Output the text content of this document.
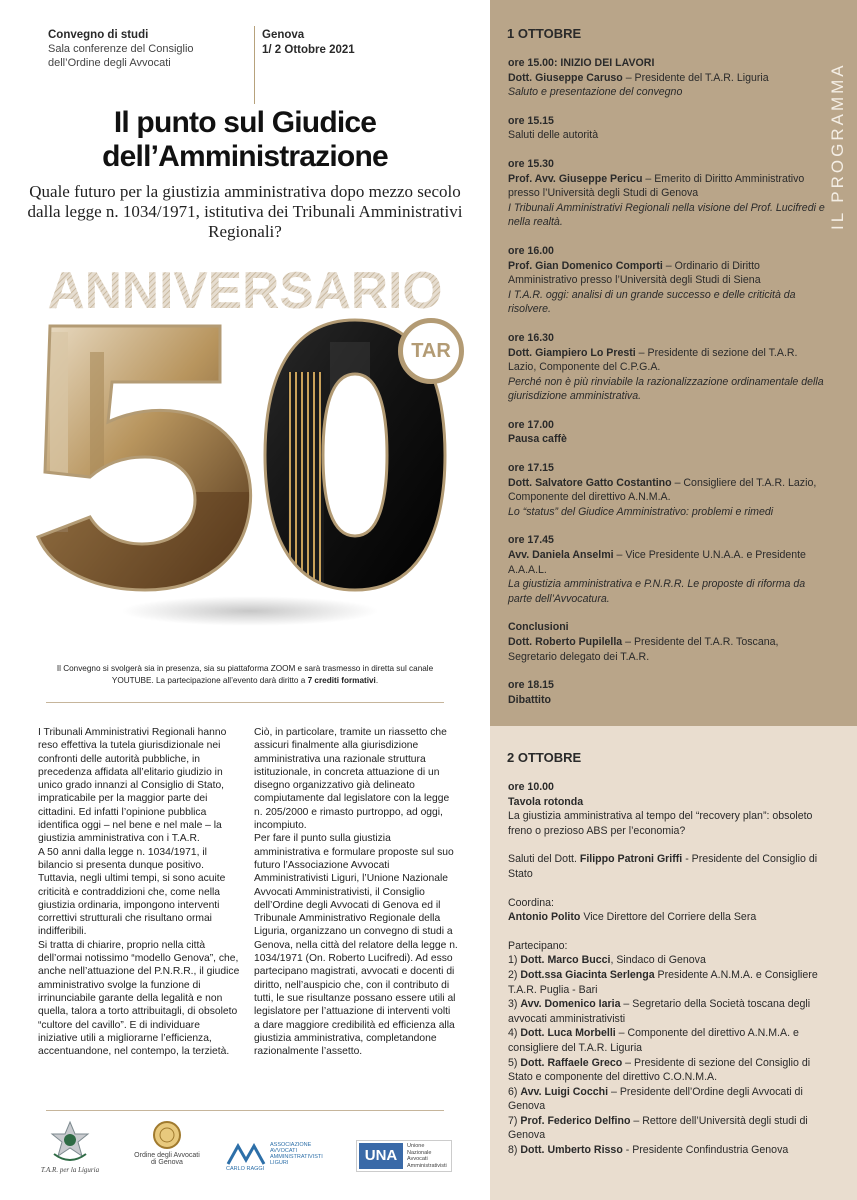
Convegno di studi
Sala conferenze del Consiglio
dell’Ordine degli Avvocati
Genova
1/ 2 Ottobre 2021
Il punto sul Giudice
dell’Amministrazione
Quale futuro per la giustizia amministrativa dopo mezzo secolo dalla legge n. 1034/1971, istitutiva dei Tribunali Amministrativi Regionali?
ANNIVERSARIO
50
TAR
Il Convegno si svolgerà sia in presenza, sia su piattaforma ZOOM e sarà trasmesso in diretta sul canale YOUTUBE. La partecipazione all’evento darà diritto a 7 crediti formativi.

I Tribunali Amministrativi Regionali hanno reso effettiva la tutela giurisdizionale nei confronti delle autorità pubbliche, in precedenza affidata all’elitario giudizio in unico grado innanzi al Consiglio di Stato, impraticabile per la maggior parte dei cittadini. Ed infatti l’opinione pubblica identifica oggi – nel bene e nel male – la giustizia amministrativa con i T.A.R.

A 50 anni dalla legge n. 1034/1971, il bilancio si presenta dunque positivo. Tuttavia, negli ultimi tempi, si sono acuite criticità e contraddizioni che, come nella giustizia ordinaria, impongono interventi correttivi strutturali che risultano ormai indifferibili.

Si tratta di chiarire, proprio nella città dell’ormai notissimo “modello Genova”, che, anche nell’attuazione del P.N.R.R., il giudice amministrativo svolge la funzione di irrinunciabile garante della legalità e non quella, talora a torto attribuitagli, di obsoleto “cultore del cavillo”. E di individuare iniziative utili a migliorarne l’efficienza, accentuandone, nel contempo, la terzietà.

Ciò, in particolare, tramite un riassetto che assicuri finalmente alla giurisdizione amministrativa una razionale struttura istituzionale, in concreta attuazione di un disegno organizzativo già delineato compiutamente dal legislatore con la legge n. 205/2000 e rimasto purtroppo, ad oggi, incompiuto.

Per fare il punto sulla giustizia amministrativa e formulare proposte sul suo futuro l’Associazione Avvocati Amministrativisti Liguri, l’Unione Nazionale Avvocati Amministrativisti, il Consiglio dell’Ordine degli Avvocati di Genova ed il Tribunale Amministrativo Regionale della Liguria, organizzano un convegno di studi a Genova, nella città del relatore della legge n. 1034/1971 (On. Roberto Lucifredi). Ad esso partecipano magistrati, avvocati e docenti di diritto, nell’auspicio che, con il contributo di tutti, le sue risultanze possano essere utili al legislatore per l’attuazione di interventi volti a dare maggiore credibilità ed efficienza alla giustizia amministrativa, completandone razionalmente l’assetto.

T.A.R. per la Liguria
Ordine degli Avvocati
di Genova
ASSOCIAZIONE
AVVOCATI
AMMINISTRATIVISTI
LIGURI
CARLO RAGGI
UNA
Unione
Nazionale
Avvocati
Amministrativisti
IL PROGRAMMA
1 OTTOBRE
ore 15.00: INIZIO DEI LAVORI
Dott. Giuseppe Caruso – Presidente del T.A.R. Liguria
Saluto e presentazione del convegno
ore 15.15
Saluti delle autorità
ore 15.30
Prof. Avv. Giuseppe Pericu – Emerito di Diritto Amministrativo presso l’Università degli Studi di Genova
I Tribunali Amministrativi Regionali nella visione del Prof. Lucifredi e nella realtà.
ore 16.00
Prof. Gian Domenico Comporti – Ordinario di Diritto Amministrativo presso l’Università degli Studi di Siena
I T.A.R. oggi: analisi di un grande successo e delle criticità da risolvere.
ore 16.30
Dott. Giampiero Lo Presti – Presidente di sezione del T.A.R. Lazio, Componente del C.P.G.A.
Perché non è più rinviabile la razionalizzazione ordinamentale della giurisdizione amministrativa.
ore 17.00
Pausa caffè
ore 17.15
Dott. Salvatore Gatto Costantino – Consigliere del T.A.R. Lazio, Componente del direttivo A.N.M.A.
Lo “status” del Giudice Amministrativo: problemi e rimedi
ore 17.45
Avv. Daniela Anselmi – Vice Presidente U.N.A.A. e Presidente A.A.A.L.
La giustizia amministrativa e P.N.R.R. Le proposte di riforma da parte dell’Avvocatura.
Conclusioni
Dott. Roberto Pupilella – Presidente del T.A.R. Toscana, Segretario delegato dei T.A.R.
ore 18.15
Dibattito
2 OTTOBRE
ore 10.00
Tavola rotonda
La giustizia amministrativa al tempo del “recovery plan”: obsoleto freno o prezioso ABS per l’economia?
Saluti del Dott. Filippo Patroni Griffi - Presidente del Consiglio di Stato
Coordina:
Antonio Polito Vice Direttore del Corriere della Sera
Partecipano:
1) Dott. Marco Bucci, Sindaco di Genova
2) Dott.ssa Giacinta Serlenga Presidente A.N.M.A. e Consigliere T.A.R. Puglia - Bari
3) Avv. Domenico Iaria – Segretario della Società toscana degli avvocati amministrativisti
4) Dott. Luca Morbelli – Componente del direttivo A.N.M.A. e consigliere del T.A.R. Liguria
5) Dott. Raffaele Greco – Presidente di sezione del Consiglio di Stato e componente del direttivo C.O.N.M.A.
6) Avv. Luigi Cocchi – Presidente dell’Ordine degli Avvocati di Genova
7) Prof. Federico Delfino – Rettore dell’Università degli studi di Genova
8) Dott. Umberto Risso - Presidente Confindustria Genova
